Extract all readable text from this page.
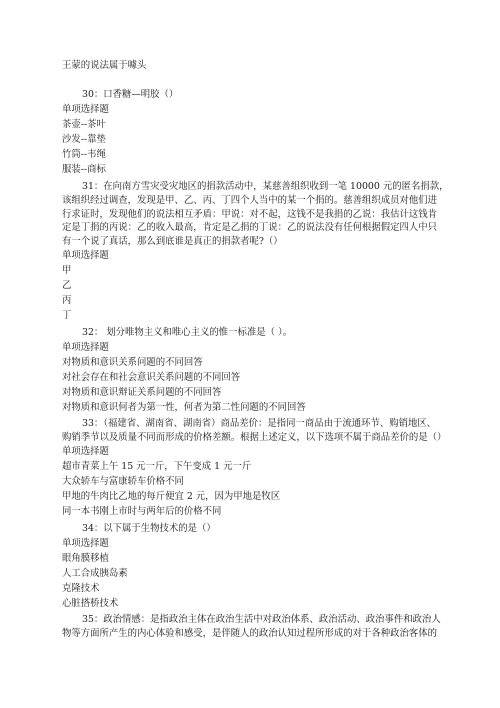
王蒙的说法属于噱头
30：口香糖—明胶（）
单项选择题
茶壶--茶叶
沙发--靠垫
竹筒--韦绳
服装--商标
31：在向南方雪灾受灾地区的捐款活动中，某慈善组织收到一笔 10000 元的匿名捐款，
该组织经过调查，发现是甲、乙、丙、丁四个人当中的某一个捐的。慈善组织成员对他们进
行求证时，发现他们的说法相互矛盾：甲说：对不起，这钱不是我捐的乙说：我估计这钱肯
定是丁捐的丙说：乙的收入最高，肯定是乙捐的丁说：乙的说法没有任何根据假定四人中只
有一个说了真话，那么到底谁是真正的捐款者呢?（）
单项选择题
甲
乙
丙
丁
32： 划分唯物主义和唯心主义的惟一标准是（ ）。
单项选择题
对物质和意识关系问题的不同回答
对社会存在和社会意识关系问题的不同回答
对物质和意识辩证关系问题的不同回答
对物质和意识何者为第一性，何者为第二性问题的不同回答
33：（福建省、湖南省、湖南省）商品差价：是指同一商品由于流通环节、购销地区、
购销季节以及质量不同而形成的价格差额。根据上述定义，以下选项不属于商品差价的是（）
单项选择题
超市青菜上午 15 元一斤，下午变成 1 元一斤
大众轿车与富康轿车价格不同
甲地的牛肉比乙地的每斤便宜 2 元，因为甲地是牧区
同一本书刚上市时与两年后的价格不同
34：以下属于生物技术的是（）
单项选择题
眼角膜移植
人工合成胰岛素
克隆技术
心脏搭桥技术
35：政治情感：是指政治主体在政治生活中对政治体系、政治活动、政治事件和政治人
物等方面所产生的内心体验和感受，是伴随人的政治认知过程所形成的对于各种政治客体的
